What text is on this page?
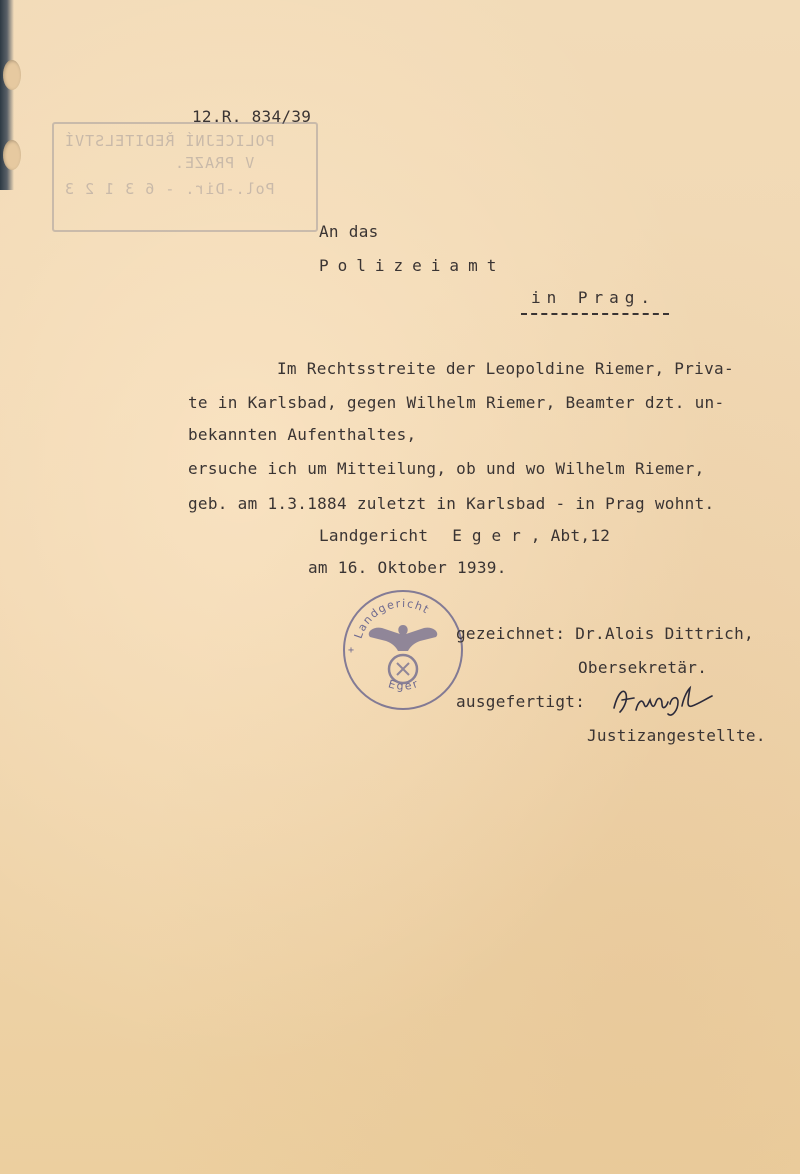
12.R. 834/39
POLICEJNÍ ŘEDITELSTVÍ
V PRAZE.
Pol.-Dir. - 6 3 1 2 3
An das
Polizeiamt
in Prag.
Im Rechtsstreite der Leopoldine Riemer, Priva-
te in Karlsbad, gegen Wilhelm Riemer, Beamter dzt. un-
bekannten Aufenthaltes,
ersuche ich um Mitteilung, ob und wo Wilhelm Riemer,
geb. am 1.3.1884 zuletzt in Karlsbad - in Prag wohnt.
Landgericht Eger, Abt,12
am 16. Oktober 1939.
Landgericht
Eger
+
gezeichnet: Dr.Alois Dittrich,
Obersekretär.
ausgefertigt:
Justizangestellte.
